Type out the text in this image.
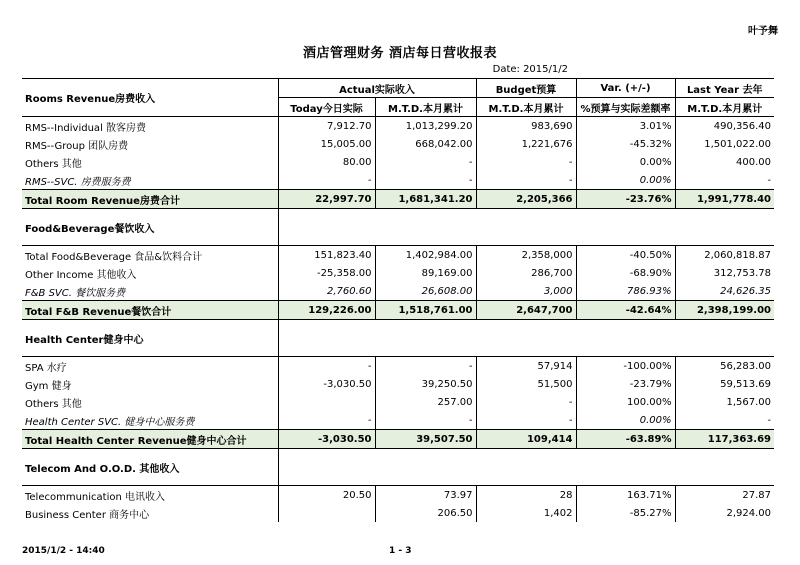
叶予舞
酒店管理财务 酒店每日营收报表
Date: 2015/1/2
Rooms Revenue房费收入	Actual实际收入		Budget预算	Var. (+/-)	Last Year 去年
	Today今日实际	M.T.D.本月累计	M.T.D.本月累计	%预算与实际差额率	M.T.D.本月累计
RMS--Individual 散客房费	7,912.70	1,013,299.20	983,690	3.01%	490,356.40
RMS--Group 团队房费	15,005.00	668,042.00	1,221,676	-45.32%	1,501,022.00
Others 其他	80.00	-	-	0.00%	400.00
RMS--SVC. 房费服务费	-	-	-	0.00%	-
Total Room Revenue房费合计	22,997.70	1,681,341.20	2,205,366	-23.76%	1,991,778.40
Food&Beverage餐饮收入					
Total Food&Beverage 食品&饮料合计	151,823.40	1,402,984.00	2,358,000	-40.50%	2,060,818.87
Other Income 其他收入	-25,358.00	89,169.00	286,700	-68.90%	312,753.78
F&B SVC. 餐饮服务费	2,760.60	26,608.00	3,000	786.93%	24,626.35
Total F&B Revenue餐饮合计	129,226.00	1,518,761.00	2,647,700	-42.64%	2,398,199.00
Health Center健身中心					
SPA 水疗	-	-	57,914	-100.00%	56,283.00
Gym 健身	-3,030.50	39,250.50	51,500	-23.79%	59,513.69
Others 其他		257.00	-	100.00%	1,567.00
Health Center SVC. 健身中心服务费	-	-	-	0.00%	-
Total Health Center Revenue健身中心合计	-3,030.50	39,507.50	109,414	-63.89%	117,363.69
Telecom And O.O.D. 其他收入					
Telecommunication 电讯收入	20.50	73.97	28	163.71%	27.87
Business Center 商务中心		206.50	1,402	-85.27%	2,924.00
2015/1/2 - 14:40	1 - 3
